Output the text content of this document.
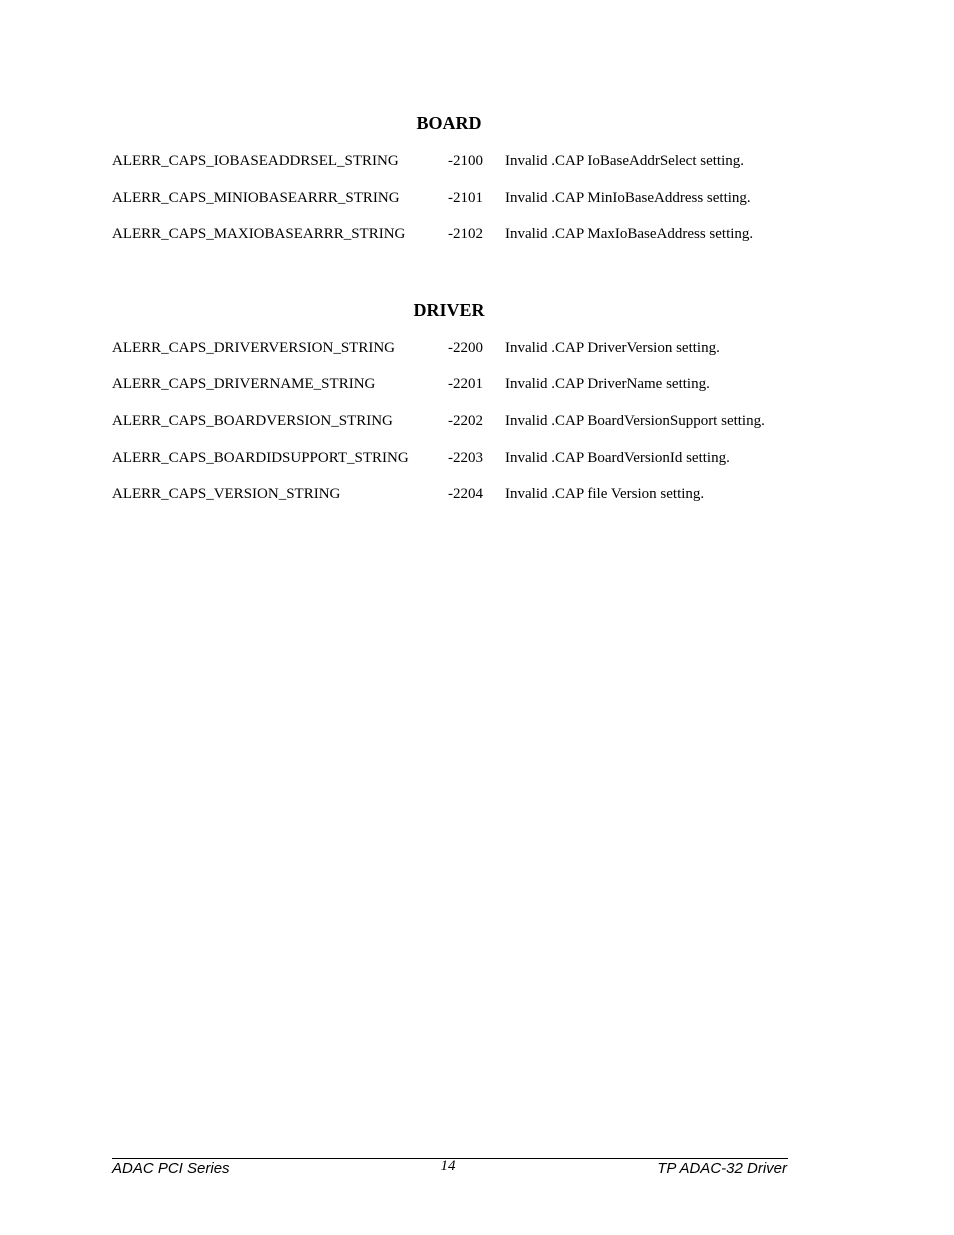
BOARD
ALERR_CAPS_IOBASEADDRSEL_STRING	-2100 Invalid .CAP IoBaseAddrSelect setting.
ALERR_CAPS_MINIOBASEARRR_STRING	-2101 Invalid .CAP MinIoBaseAddress setting.
ALERR_CAPS_MAXIOBASEARRR_STRING	-2102 Invalid .CAP MaxIoBaseAddress setting.
DRIVER
ALERR_CAPS_DRIVERVERSION_STRING	-2200 Invalid .CAP DriverVersion setting.
ALERR_CAPS_DRIVERNAME_STRING	-2201 Invalid .CAP DriverName setting.
ALERR_CAPS_BOARDVERSION_STRING	-2202 Invalid .CAP BoardVersionSupport setting.
ALERR_CAPS_BOARDIDSUPPORT_STRING	-2203 Invalid .CAP BoardVersionId setting.
ALERR_CAPS_VERSION_STRING	-2204 Invalid .CAP file Version setting.
ADAC PCI Series	14	TP ADAC-32 Driver
